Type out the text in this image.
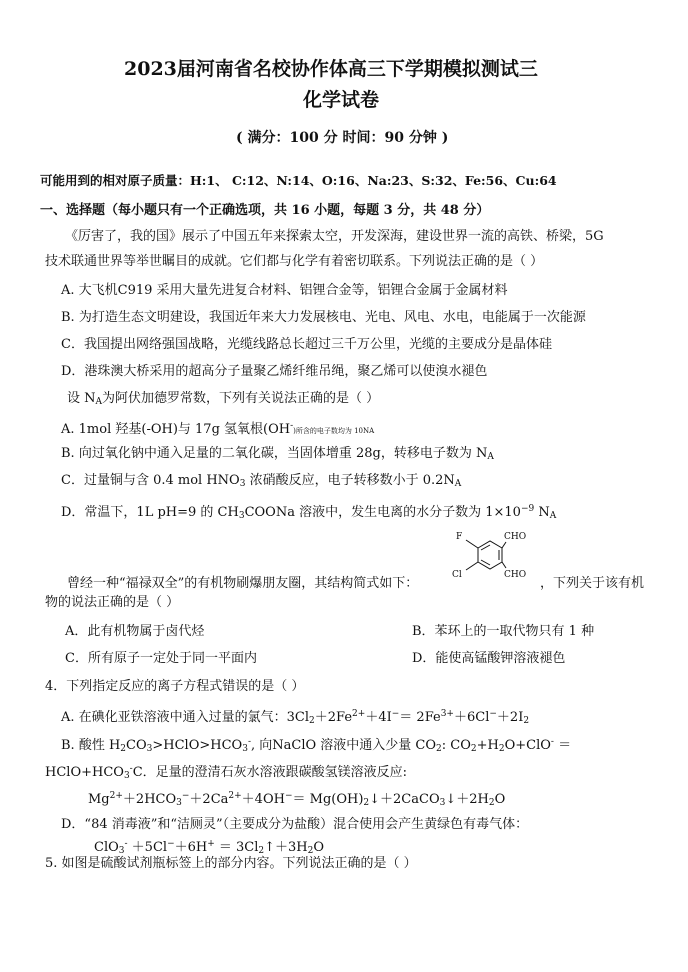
2023届河南省名校协作体高三下学期模拟测试三
化学试卷
( 满分：100 分 时间：90 分钟 )
可能用到的相对原子质量：H:1、 C:12、N:14、O:16、Na:23、S:32、Fe:56、Cu:64
一、选择题（每小题只有一个正确选项，共 16 小题，每题 3 分，共 48 分）
《厉害了，我的国》展示了中国五年来探索太空，开发深海，建设世界一流的高铁、桥梁，5G
技术联通世界等举世瞩目的成就。它们都与化学有着密切联系。下列说法正确的是（ ）
A. 大飞机C919 采用大量先进复合材料、铝锂合金等，铝锂合金属于金属材料
B. 为打造生态文明建设，我国近年来大力发展核电、光电、风电、水电，电能属于一次能源
C．我国提出网络强国战略，光缆线路总长超过三千万公里，光缆的主要成分是晶体硅
D．港珠澳大桥采用的超高分子量聚乙烯纤维吊绳，聚乙烯可以使溴水褪色
设 $N_A$为阿伏加德罗常数，下列有关说法正确的是（ ）
A. 1mol 羟基(-OH)与 17g 氢氧根(OH-)所含的电子数均为 10NA
B. 向过氧化钠中通入足量的二氧化碳，当固体增重 28g，转移电子数为 $N_A$
C．过量铜与含 0.4 mol $HNO_3$ 浓硝酸反应，电子转移数小于 $0.2N_A$
D．常温下，1L pH=9 的 $CH_3COONa$ 溶液中，发生电离的水分子数为 $1\times 10^{-9}$ $N_A$
F
Cl
CHO
CHO
曾经一种“福禄双全”的有机物刷爆朋友圈，其结构简式如下：	，下列关于该有机
物的说法正确的是（ ）
A．此有机物属于卤代烃	B．苯环上的一取代物只有 1 种
C．所有原子一定处于同一平面内	D．能使高锰酸钾溶液褪色
4．下列指定反应的离子方程式错误的是（ ）
A. 在碘化亚铁溶液中通入过量的氯气：$3Cl_2+2Fe^{2+}+4I^-= 2Fe^{3+}+6Cl^-+2I_2$
B. 酸性 $H_2CO_3>HClO>HCO_3^-$, 向NaClO 溶液中通入少量 $CO_2$: $CO_2+H_2O+ClO^-$ ＝
$HClO+HCO_3^-C$．足量的澄清石灰水溶液跟碳酸氢镁溶液反应:
$Mg^{2+}+2HCO_3^-+2Ca^{2+}+4OH^-=$ $Mg(OH)_2↓+2CaCO_3↓+2H_2O$
D．“84 消毒液”和“洁厕灵”（主要成分为盐酸）混合使用会产生黄绿色有毒气体：
$ClO_3^- +5Cl^-+6H^+ = 3Cl_2↑+3H_2O$
5. 如图是硫酸试剂瓶标签上的部分内容。下列说法正确的是（ ）
